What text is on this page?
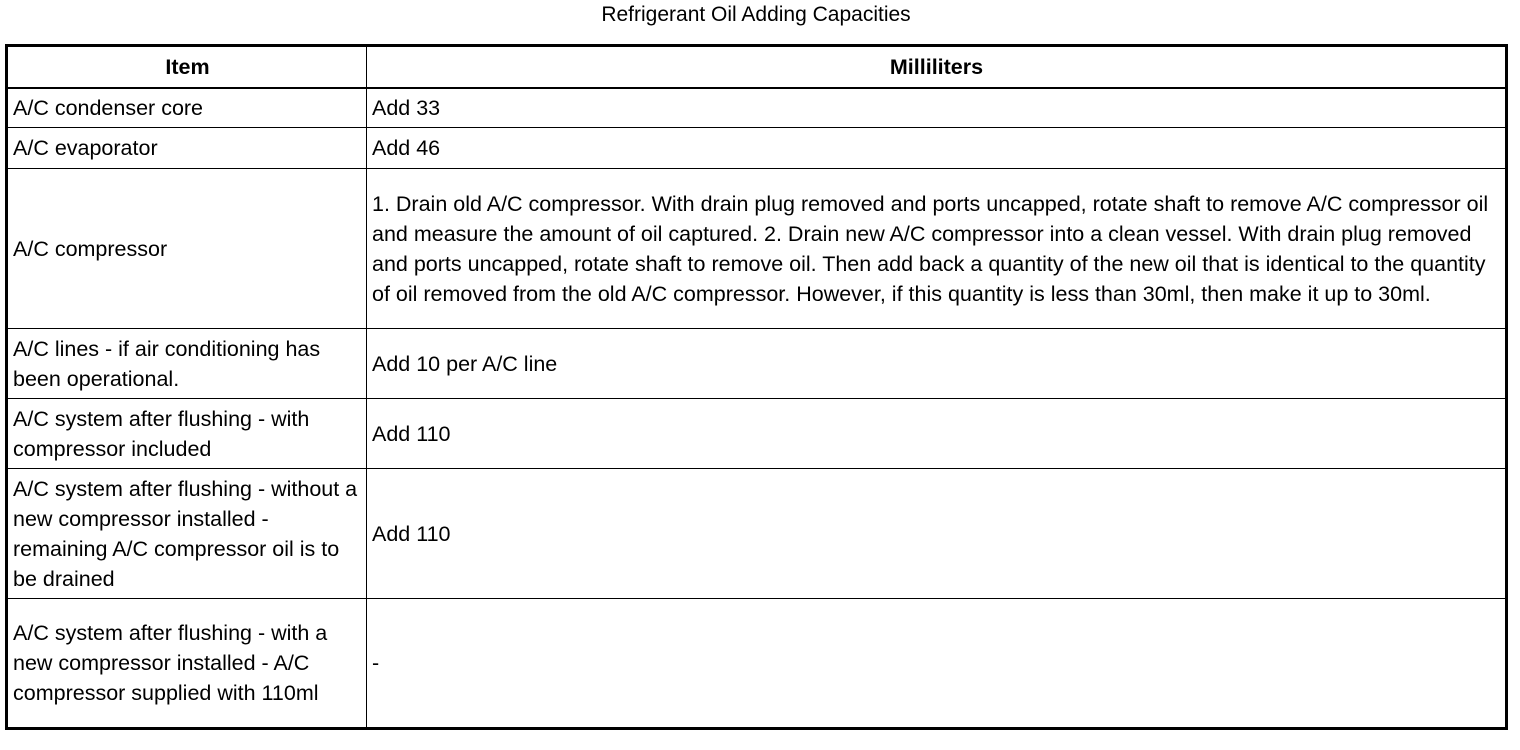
Refrigerant Oil Adding Capacities
Item	Milliliters
A/C condenser core	Add 33
A/C evaporator	Add 46
A/C compressor	1. Drain old A/C compressor. With drain plug removed and ports uncapped, rotate shaft to remove A/C compressor oil and measure the amount of oil captured. 2. Drain new A/C compressor into a clean vessel. With drain plug removed and ports uncapped, rotate shaft to remove oil. Then add back a quantity of the new oil that is identical to the quantity of oil removed from the old A/C compressor. However, if this quantity is less than 30ml, then make it up to 30ml.
A/C lines - if air conditioning has been operational.	Add 10 per A/C line
A/C system after flushing - with compressor included	Add 110
A/C system after flushing - without a new compressor installed - remaining A/C compressor oil is to be drained	Add 110
A/C system after flushing - with a new compressor installed - A/C compressor supplied with 110ml	-
